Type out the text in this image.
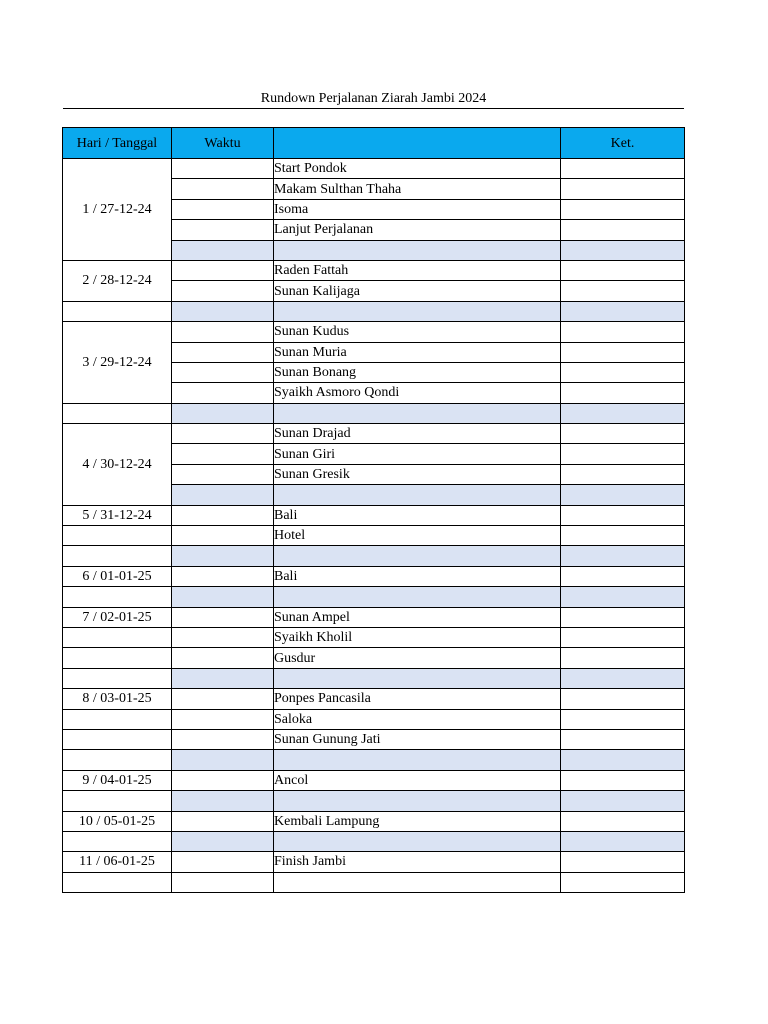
Rundown Perjalanan Ziarah Jambi 2024
Hari / Tanggal	Waktu		Ket.
1 / 27-12-24		Start Pondok	
		Makam Sulthan Thaha	
		Isoma	
		Lanjut Perjalanan	

2 / 28-12-24		Raden Fattah	
		Sunan Kalijaga	

3 / 29-12-24		Sunan Kudus	
		Sunan Muria	
		Sunan Bonang	
		Syaikh Asmoro Qondi	

4 / 30-12-24		Sunan Drajad	
		Sunan Giri	
		Sunan Gresik	

5 / 31-12-24		Bali	
		Hotel	

6 / 01-01-25		Bali	

7 / 02-01-25		Sunan Ampel	
		Syaikh Kholil	
		Gusdur	

8 / 03-01-25		Ponpes Pancasila	
		Saloka	
		Sunan Gunung Jati	

9 / 04-01-25		Ancol	

10 / 05-01-25		Kembali Lampung	

11 / 06-01-25		Finish Jambi	
